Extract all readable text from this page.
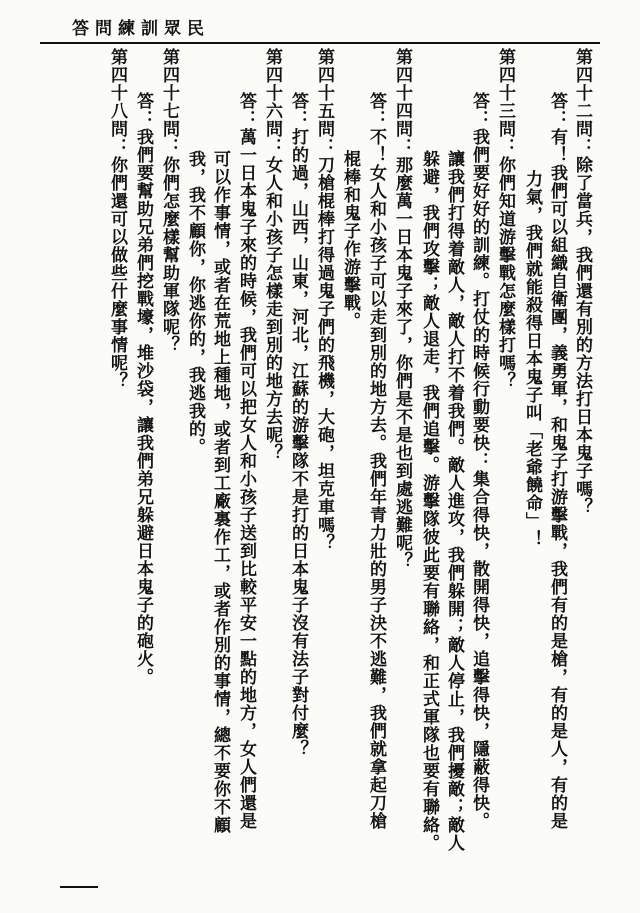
民眾訓練問答
第四十二問：除了當兵，我們還有別的方法打日本鬼子嗎？
答：有！我們可以組織自衛團，義勇軍，和鬼子打游擊戰，我們有的是槍，有的是人，有的是
力氣，我們就能殺得日本鬼子叫「老爺饒命」！
第四十三問：你們知道游擊戰怎麼樣打嗎？
答：我們要好好的訓練。打仗的時候行動要快：集合得快，散開得快，追擊得快，隱蔽得快。
讓我們打得着敵人，敵人打不着我們。敵人進攻，我們躲開；敵人停止，我們擾敵；敵人
躲避，我們攻擊；敵人退走，我們追擊。游擊隊彼此要有聯絡，和正式軍隊也要有聯絡。
第四十四問：那麼萬一日本鬼子來了，你們是不是也到處逃難呢？
答：不！女人和小孩子可以走到別的地方去。我們年青力壯的男子決不逃難，我們就拿起刀槍
棍棒和鬼子作游擊戰。
第四十五問：刀槍棍棒打得過鬼子們的飛機，大砲，坦克車嗎？
答：打的過，山西，山東，河北，江蘇的游擊隊不是打的日本鬼子沒有法子對付麼？
第四十六問：女人和小孩子怎樣走到別的地方去呢？
答：萬一日本鬼子來的時候，我們可以把女人和小孩子送到比較平安一點的地方，女人們還是
可以作事情，或者在荒地上種地，或者到工廠裏作工，或者作別的事情，總不要你不顧
我，我不顧你，你逃你的，我逃我的。
第四十七問：你們怎麼樣幫助軍隊呢？
答：我們要幫助兄弟們挖戰壕，堆沙袋，讓我們弟兄躲避日本鬼子的砲火。
第四十八問：你們還可以做些什麼事情呢？
